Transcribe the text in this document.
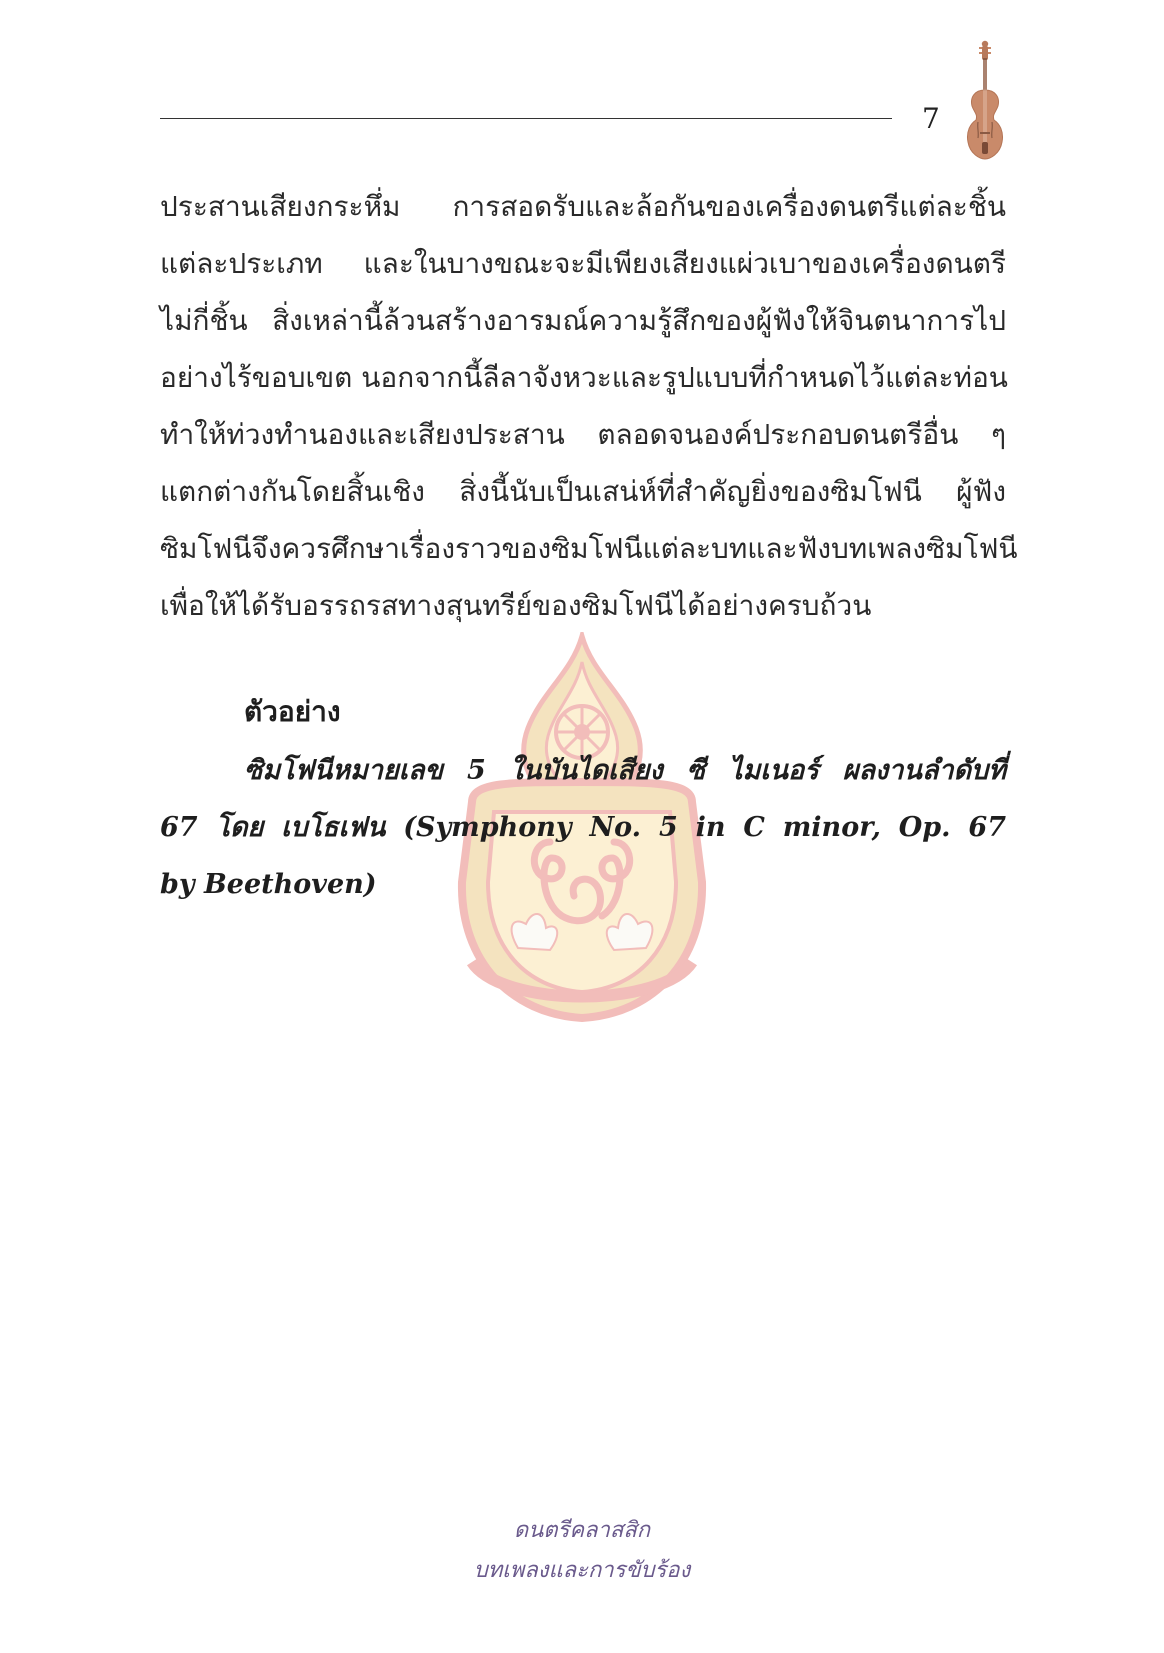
7
ประสานเสียงกระหึ่ม การสอดรับและล้อกันของเครื่องดนตรีแต่ละชิ้น
แต่ละประเภท และในบางขณะจะมีเพียงเสียงแผ่วเบาของเครื่องดนตรี
ไม่กี่ชิ้น สิ่งเหล่านี้ล้วนสร้างอารมณ์ความรู้สึกของผู้ฟังให้จินตนาการไป
อย่างไร้ขอบเขต นอกจากนี้ลีลาจังหวะและรูปแบบที่กำหนดไว้แต่ละท่อน
ทำให้ท่วงทำนองและเสียงประสาน ตลอดจนองค์ประกอบดนตรีอื่น ๆ
แตกต่างกันโดยสิ้นเชิง สิ่งนี้นับเป็นเสน่ห์ที่สำคัญยิ่งของซิมโฟนี ผู้ฟัง
ซิมโฟนีจึงควรศึกษาเรื่องราวของซิมโฟนีแต่ละบทและฟังบทเพลงซิมโฟนี
เพื่อให้ได้รับอรรถรสทางสุนทรีย์ของซิมโฟนีได้อย่างครบถ้วน
ตัวอย่าง
ซิมโฟนีหมายเลข 5 ในบันไดเสียง ซี ไมเนอร์ ผลงานลำดับที่
67 โดย เบโธเฟน (Symphony No. 5 in C minor, Op. 67
by Beethoven)
ดนตรีคลาสสิก
บทเพลงและการขับร้อง
